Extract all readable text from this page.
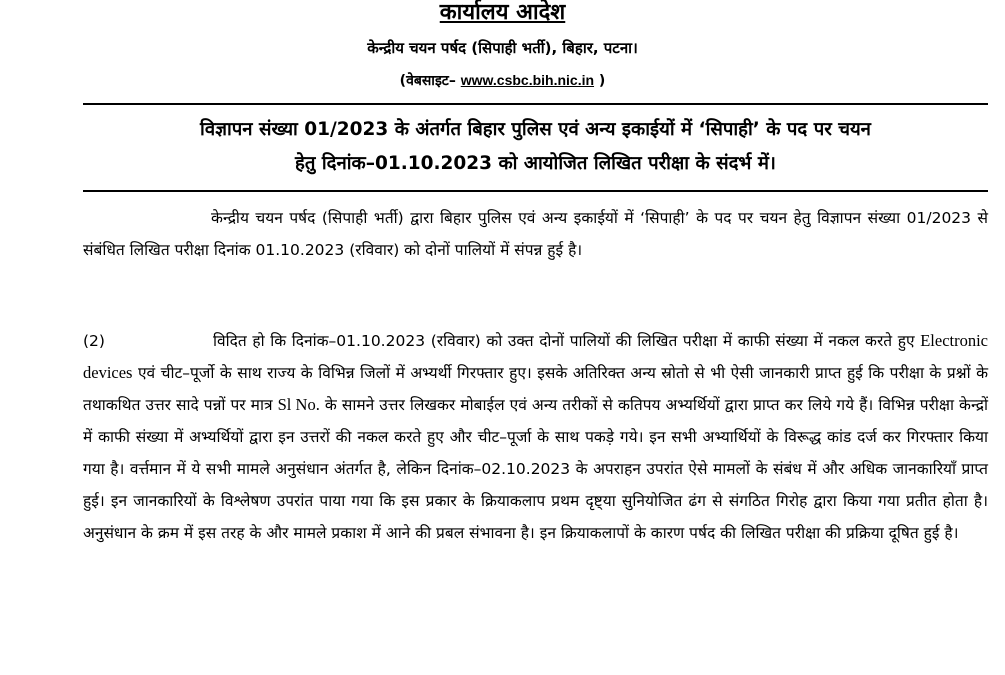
कार्यालय आदेश
केन्द्रीय चयन पर्षद (सिपाही भर्ती), बिहार, पटना।
(वेबसाइट– www.csbc.bih.nic.in )
विज्ञापन संख्या 01/2023 के अंतर्गत बिहार पुलिस एवं अन्य इकाईयों में ‘सिपाही’ के पद पर चयन
हेतु दिनांक–01.10.2023 को आयोजित लिखित परीक्षा के संदर्भ में।
केन्द्रीय चयन पर्षद (सिपाही भर्ती) द्वारा बिहार पुलिस एवं अन्य इकाईयों में ‘सिपाही’ के पद पर चयन हेतु विज्ञापन संख्या 01/2023 से संबंधित लिखित परीक्षा दिनांक 01.10.2023 (रविवार) को दोनों पालियों में संपन्न हुई है।
(2)	विदित हो कि दिनांक–01.10.2023 (रविवार) को उक्त दोनों पालियों की लिखित परीक्षा में काफी संख्या में नकल करते हुए Electronic devices एवं चीट–पूर्जो के साथ राज्य के विभिन्न जिलों में अभ्यर्थी गिरफ्तार हुए। इसके अतिरिक्त अन्य स्रोतो से भी ऐसी जानकारी प्राप्त हुई कि परीक्षा के प्रश्नों के तथाकथित उत्तर सादे पन्नों पर मात्र Sl No. के सामने उत्तर लिखकर मोबाईल एवं अन्य तरीकों से कतिपय अभ्यर्थियों द्वारा प्राप्त कर लिये गये हैं। विभिन्न परीक्षा केन्द्रों में काफी संख्या में अभ्यर्थियों द्वारा इन उत्तरों की नकल करते हुए और चीट–पूर्जा के साथ पकड़े गये। इन सभी अभ्यार्थियों के विरूद्ध कांड दर्ज कर गिरफ्तार किया गया है। वर्त्तमान में ये सभी मामले अनुसंधान अंतर्गत है, लेकिन दिनांक–02.10.2023 के अपराहन उपरांत ऐसे मामलों के संबंध में और अधिक जानकारियाँ प्राप्त हुई। इन जानकारियों के विश्लेषण उपरांत पाया गया कि इस प्रकार के क्रियाकलाप प्रथम दृष्ट्या सुनियोजित ढंग से संगठित गिरोह द्वारा किया गया प्रतीत होता है। अनुसंधान के क्रम में इस तरह के और मामले प्रकाश में आने की प्रबल संभावना है। इन क्रियाकलापों के कारण पर्षद की लिखित परीक्षा की प्रक्रिया दूषित हुई है।
